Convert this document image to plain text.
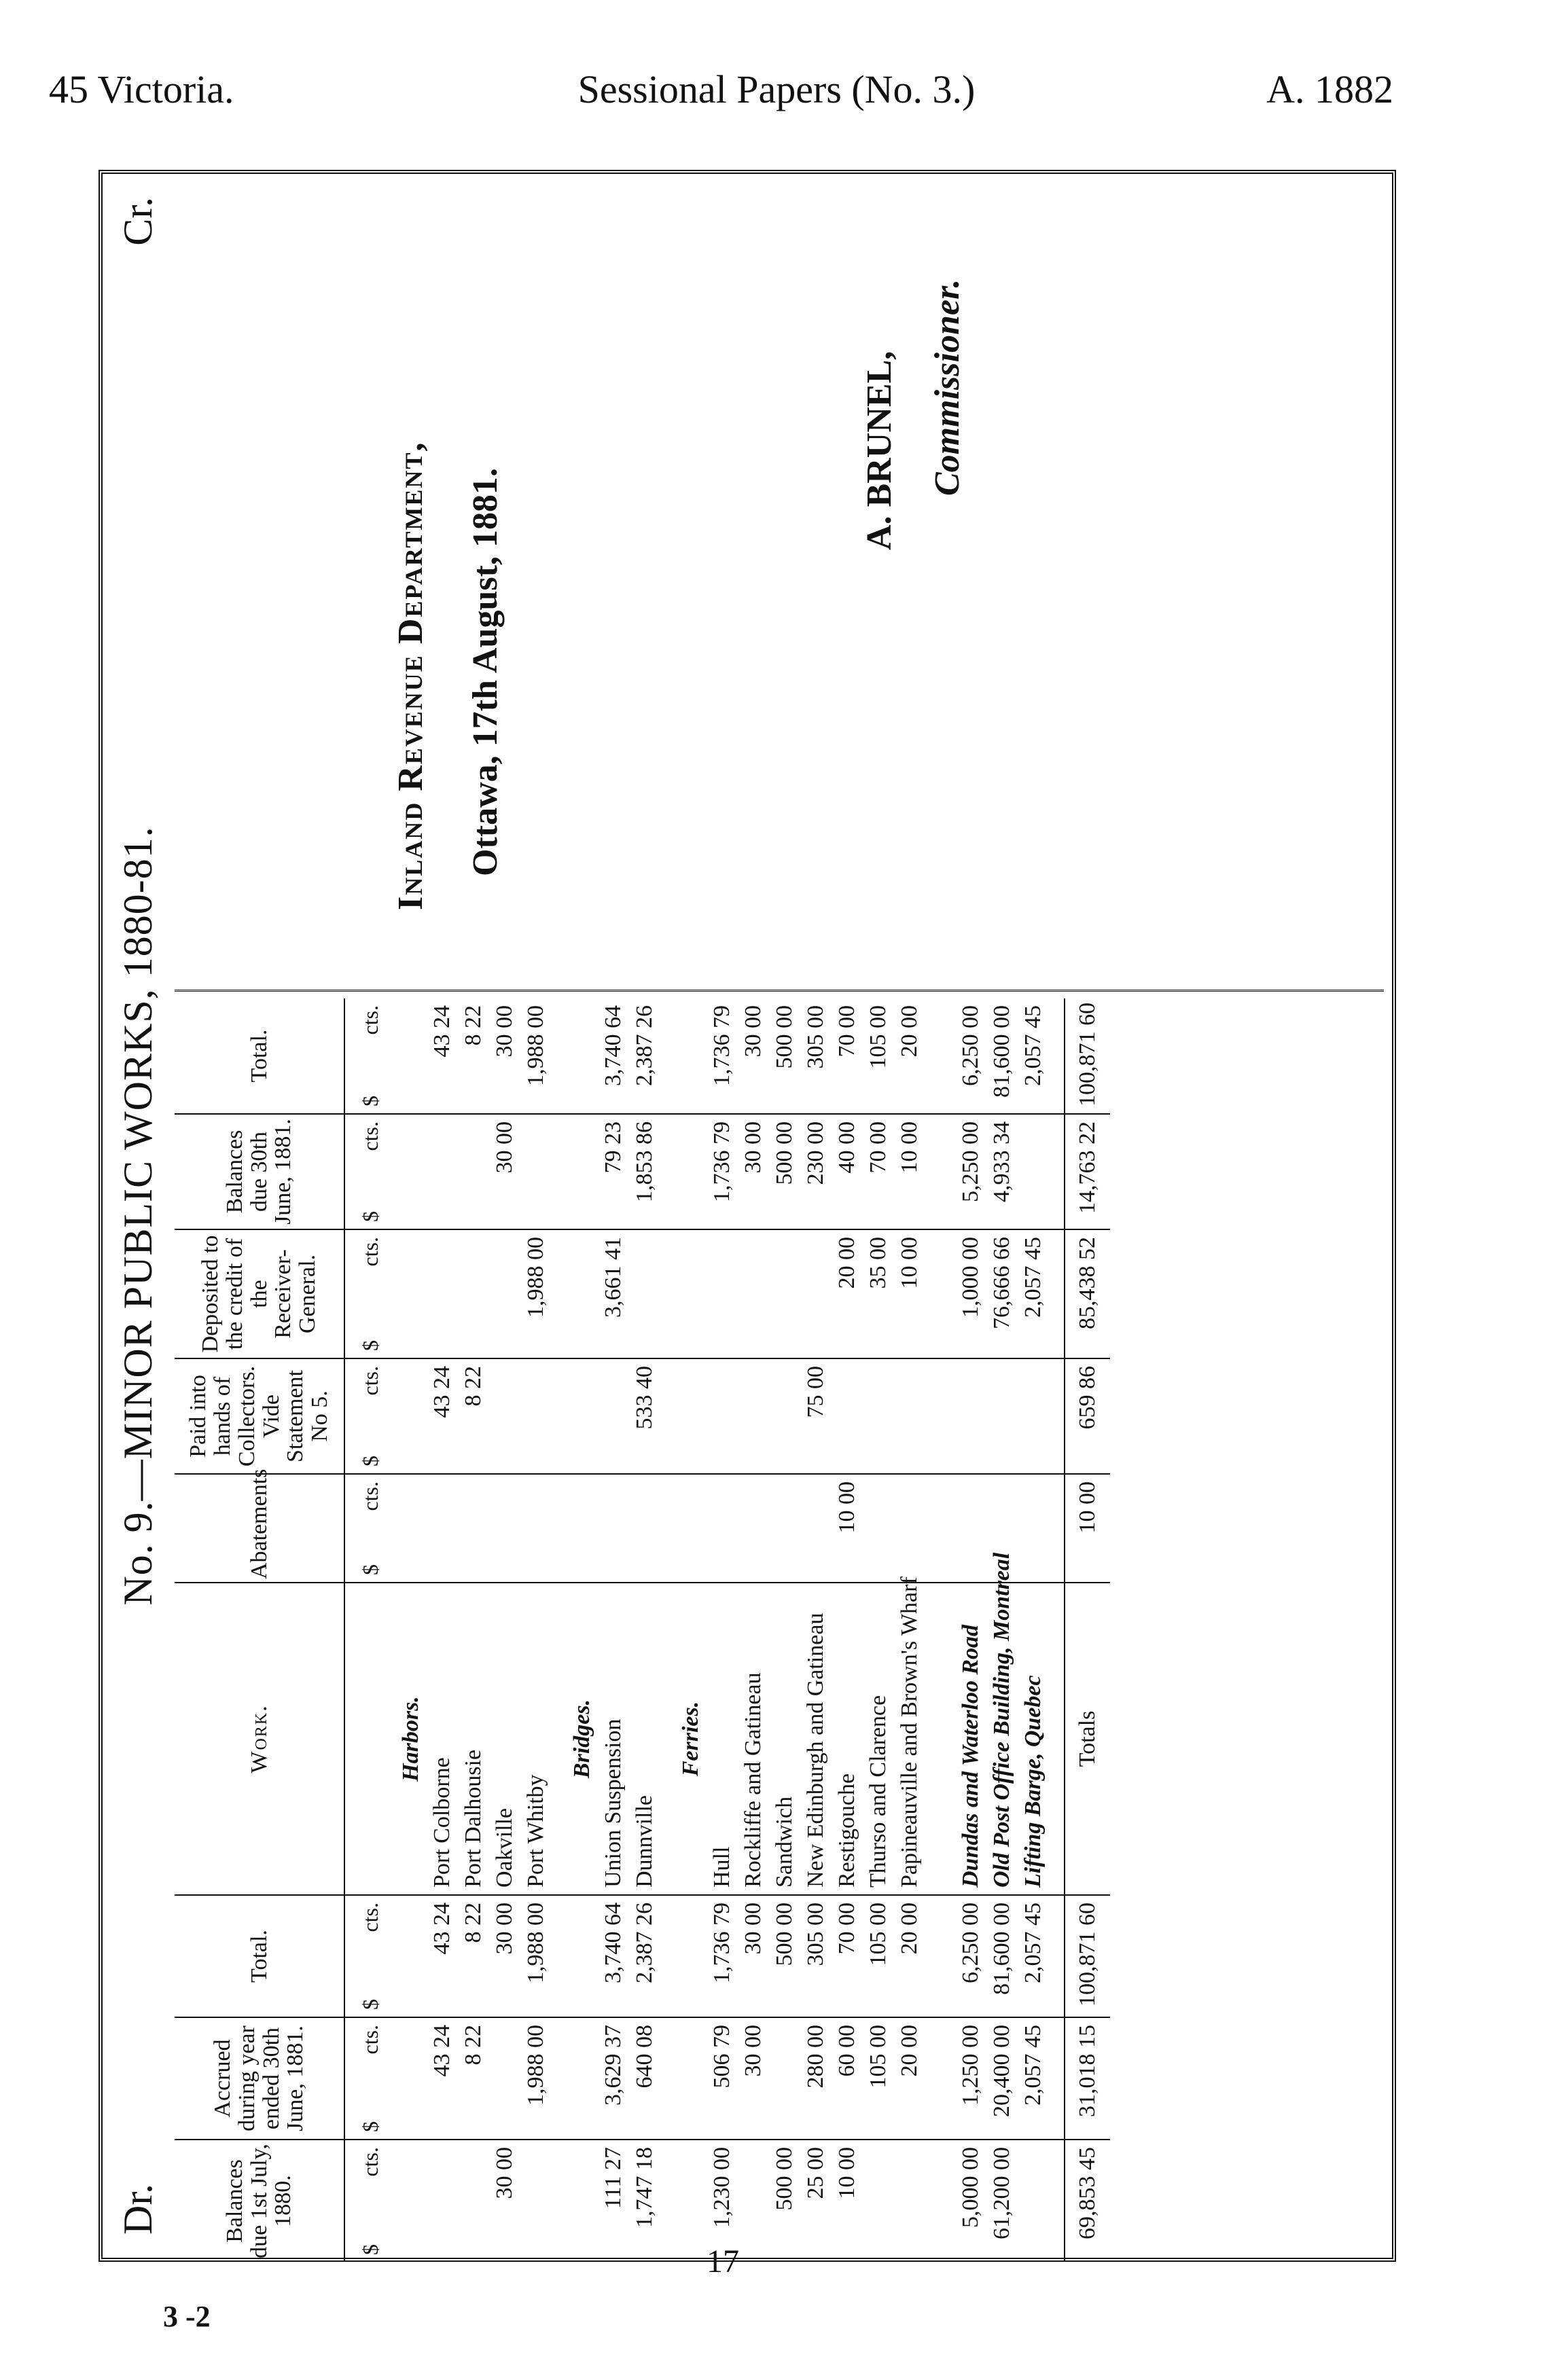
45 Victoria.	Sessional Papers (No. 3.)	A. 1882
3 -2
17
Dr.
No. 9.—MINOR PUBLIC WORKS, 1880-81.
Cr.
Balances due 1st July, 1880.	Accrued during year ended 30th June, 1881.	Total.	Work.	Abatements	Paid into hands of Collectors. Vide Statement No 5.	Deposited to the credit of the Receiver-General.	Balances due 30th June, 1881.	Total.

$
cts.	$
cts.	$
cts.		$
cts.	$
cts.	$
cts.	$
cts.	$
cts.

			Harbors.					
	43 24	43 24	Port Colborne		43 24			43 24
	8 22	8 22	Port Dalhousie		8 22			8 22
30 00		30 00	Oakville				30 00	30 00
	1,988 00	1,988 00	Port Whitby			1,988 00		1,988 00

			Bridges.					
111 27	3,629 37	3,740 64	Union Suspension			3,661 41	79 23	3,740 64
1,747 18	640 08	2,387 26	Dunnville		533 40		1,853 86	2,387 26

			Ferries.					
1,230 00	506 79	1,736 79	Hull				1,736 79	1,736 79
	30 00	30 00	Rockliffe and Gatineau				30 00	30 00
500 00		500 00	Sandwich				500 00	500 00
25 00	280 00	305 00	New Edinburgh and Gatineau		75 00		230 00	305 00
10 00	60 00	70 00	Restigouche	10 00		20 00	40 00	70 00
	105 00	105 00	Thurso and Clarence			35 00	70 00	105 00
	20 00	20 00	Papineauville and Brown's Wharf			10 00	10 00	20 00

5,000 00	1,250 00	6,250 00	Dundas and Waterloo Road			1,000 00	5,250 00	6,250 00
61,200 00	20,400 00	81,600 00	Old Post Office Building, Montreal			76,666 66	4,933 34	81,600 00
	2,057 45	2,057 45	Lifting Barge, Quebec			2,057 45		2,057 45

69,853 45	31,018 15	100,871 60	Totals	10 00	659 86	85,438 52	14,763 22	100,871 60
Inland Revenue Department, Ottawa, 17th August, 1881.
A. BRUNEL, Commissioner.
